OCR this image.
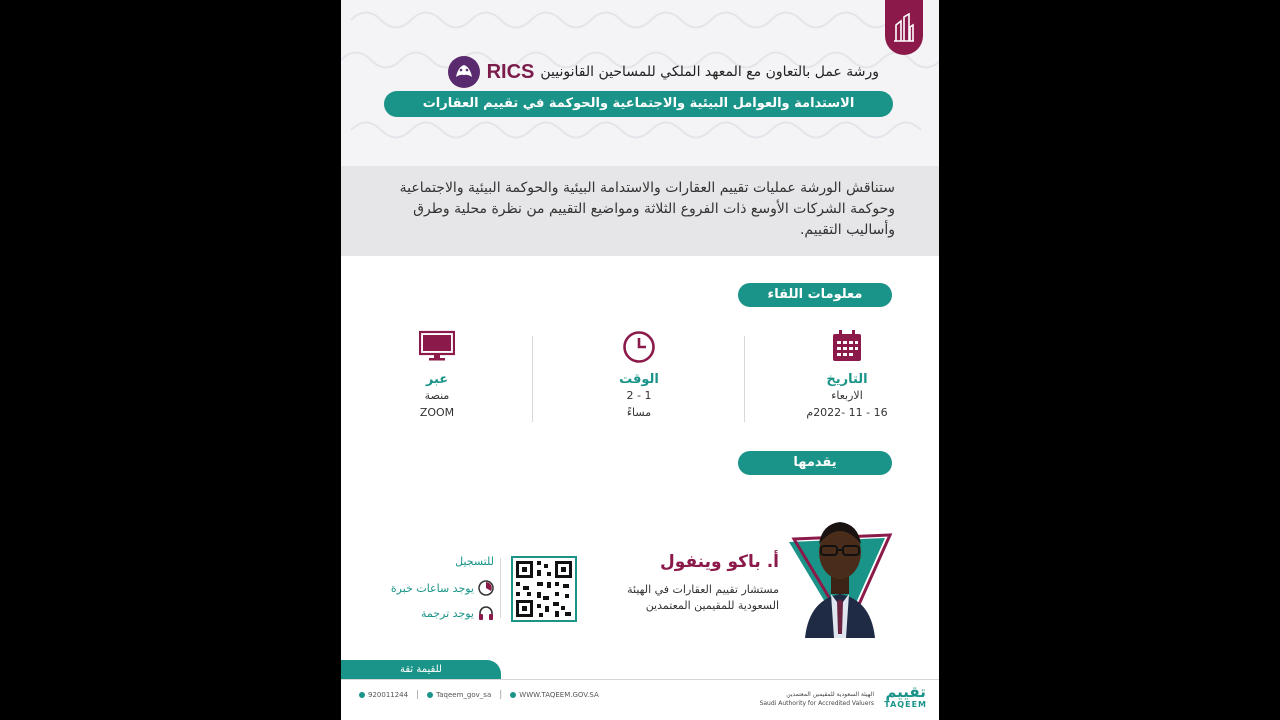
ورشة عمل بالتعاون مع المعهد الملكي للمساحين القانونيين
RICS
الاستدامة والعوامل البيئية والاجتماعية والحوكمة في تقييم العقارات

ستناقش الورشة عمليات تقييم العقارات والاستدامة البيئية والحوكمة البيئية والاجتماعية وحوكمة الشركات الأوسع ذات الفروع الثلاثة ومواضيع التقييم من نظرة محلية وطرق وأساليب التقييم.

معلومات اللقاء
التاريخ
الاربعاء
16 - 11 -2022م
الوقت
1 - 2
مساءً
عبر
منصة
ZOOM
يقدمها
أ. باكو وينفول
مستشار تقييم العقارات في الهيئة السعودية للمقيمين المعتمدين
للتسجيل
يوجد ساعات خبرة
يوجد ترجمة
للقيمة ثقة
920011244 |	Taqeem_gov_sa |	WWW.TAQEEM.GOV.SA	الهيئة السعودية للمقيمين المعتمدين
Saudi Authority for Accredited Valuers
تقييم
TAQEEM
